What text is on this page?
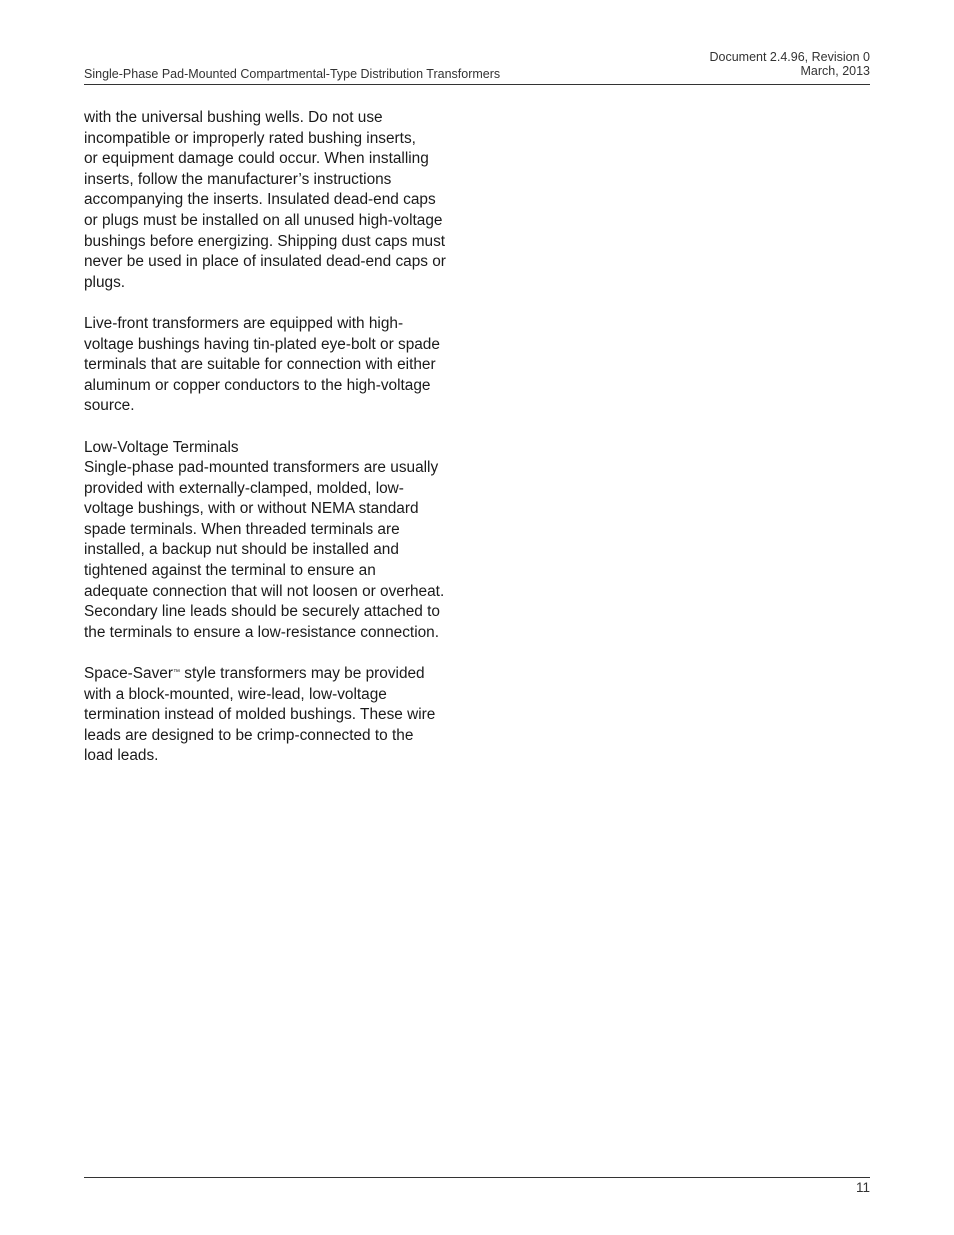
Single-Phase Pad-Mounted Compartmental-Type Distribution Transformers
Document 2.4.96, Revision 0
March, 2013

with the universal bushing wells. Do not use
incompatible or improperly rated bushing inserts,
or equipment damage could occur. When installing
inserts, follow the manufacturer’s instructions
accompanying the inserts. Insulated dead-end caps
or plugs must be installed on all unused high-voltage
bushings before energizing. Shipping dust caps must
never be used in place of insulated dead-end caps or
plugs.

Live-front transformers are equipped with high-
voltage bushings having tin-plated eye-bolt or spade
terminals that are suitable for connection with either
aluminum or copper conductors to the high-voltage
source.

Low-Voltage Terminals

Single-phase pad-mounted transformers are usually
provided with externally-clamped, molded, low-
voltage bushings, with or without NEMA standard
spade terminals. When threaded terminals are
installed, a backup nut should be installed and
tightened against the terminal to ensure an
adequate connection that will not loosen or overheat.
Secondary line leads should be securely attached to
the terminals to ensure a low-resistance connection.

Space-Saver™ style transformers may be provided
with a block-mounted, wire-lead, low-voltage
termination instead of molded bushings. These wire
leads are designed to be crimp-connected to the
load leads.

11
